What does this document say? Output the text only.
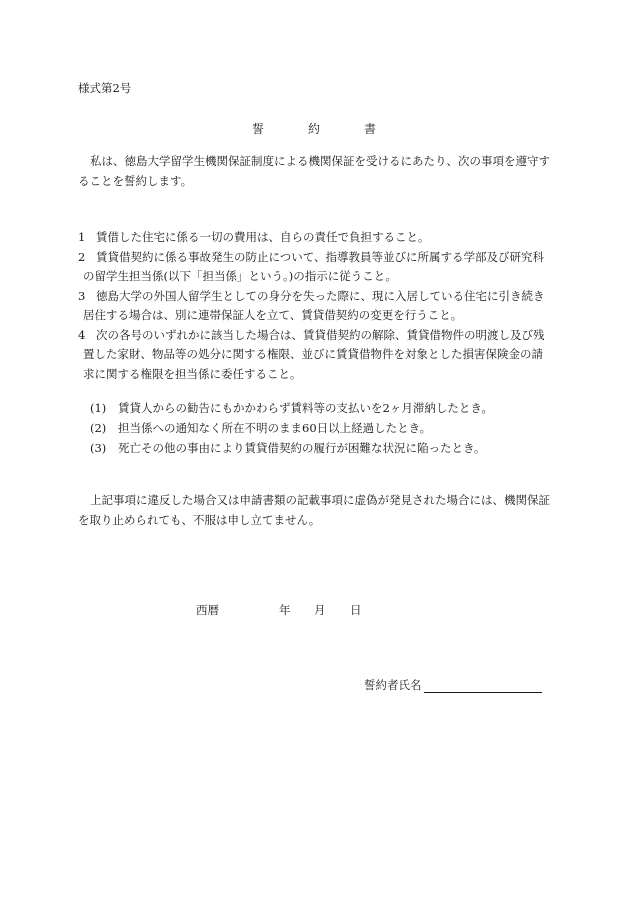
様式第2号
誓	約	書
私は、徳島大学留学生機関保証制度による機関保証を受けるにあたり、次の事項を遵守することを誓約します。
1 賃借した住宅に係る一切の費用は、自らの責任で負担すること。
2 賃貸借契約に係る事故発生の防止について、指導教員等並びに所属する学部及び研究科
の留学生担当係(以下「担当係」という。)の指示に従うこと。
3 徳島大学の外国人留学生としての身分を失った際に、現に入居している住宅に引き続き
居住する場合は、別に連帯保証人を立て、賃貸借契約の変更を行うこと。
4 次の各号のいずれかに該当した場合は、賃貸借契約の解除、賃貸借物件の明渡し及び残
置した家財、物品等の処分に関する権限、並びに賃貸借物件を対象とした損害保険金の請
求に関する権限を担当係に委任すること。
(1) 賃貸人からの勧告にもかかわらず賃料等の支払いを2ヶ月滞納したとき。
(2) 担当係への通知なく所在不明のまま60日以上経過したとき。
(3) 死亡その他の事由により賃貸借契約の履行が困難な状況に陥ったとき。
上記事項に違反した場合又は申請書類の記載事項に虚偽が発見された場合には、機関保証を取り止められても、不服は申し立てません。
西暦	年 月 日
誓約者氏名
